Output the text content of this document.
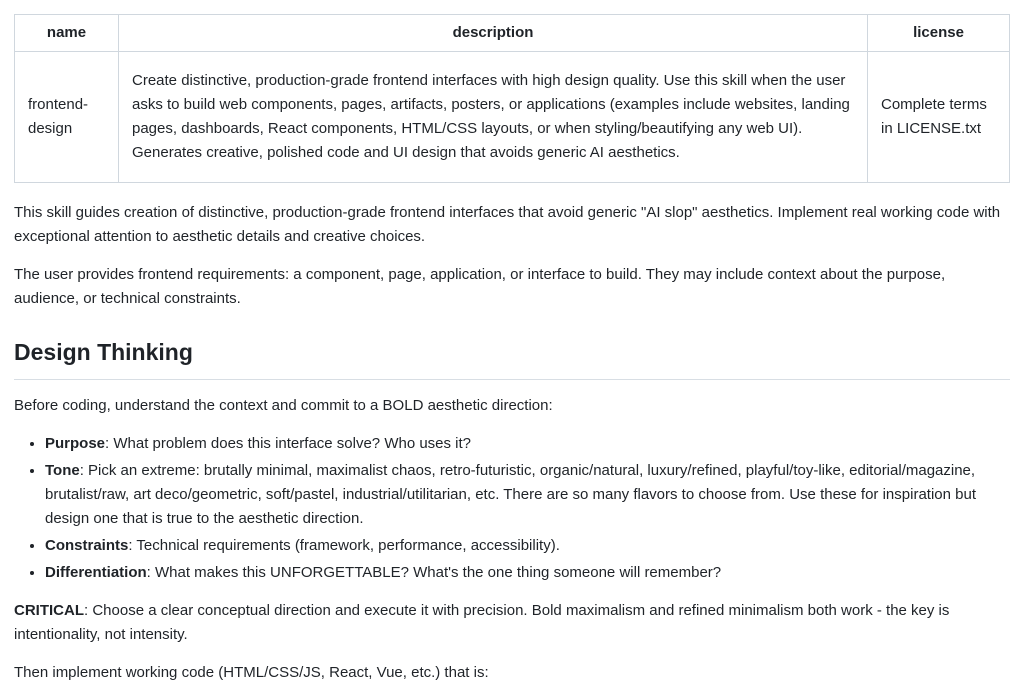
name	description	license
frontend-design	Create distinctive, production-grade frontend interfaces with high design quality. Use this skill when the user asks to build web components, pages, artifacts, posters, or applications (examples include websites, landing pages, dashboards, React components, HTML/CSS layouts, or when styling/beautifying any web UI). Generates creative, polished code and UI design that avoids generic AI aesthetics.	Complete terms in LICENSE.txt

This skill guides creation of distinctive, production-grade frontend interfaces that avoid generic "AI slop" aesthetics. Implement real working code with exceptional attention to aesthetic details and creative choices.

The user provides frontend requirements: a component, page, application, or interface to build. They may include context about the purpose, audience, or technical constraints.

Design Thinking

Before coding, understand the context and commit to a BOLD aesthetic direction:

• Purpose: What problem does this interface solve? Who uses it?
• Tone: Pick an extreme: brutally minimal, maximalist chaos, retro-futuristic, organic/natural, luxury/refined, playful/toy-like, editorial/magazine, brutalist/raw, art deco/geometric, soft/pastel, industrial/utilitarian, etc. There are so many flavors to choose from. Use these for inspiration but design one that is true to the aesthetic direction.
• Constraints: Technical requirements (framework, performance, accessibility).
• Differentiation: What makes this UNFORGETTABLE? What's the one thing someone will remember?

CRITICAL: Choose a clear conceptual direction and execute it with precision. Bold maximalism and refined minimalism both work - the key is intentionality, not intensity.

Then implement working code (HTML/CSS/JS, React, Vue, etc.) that is:
